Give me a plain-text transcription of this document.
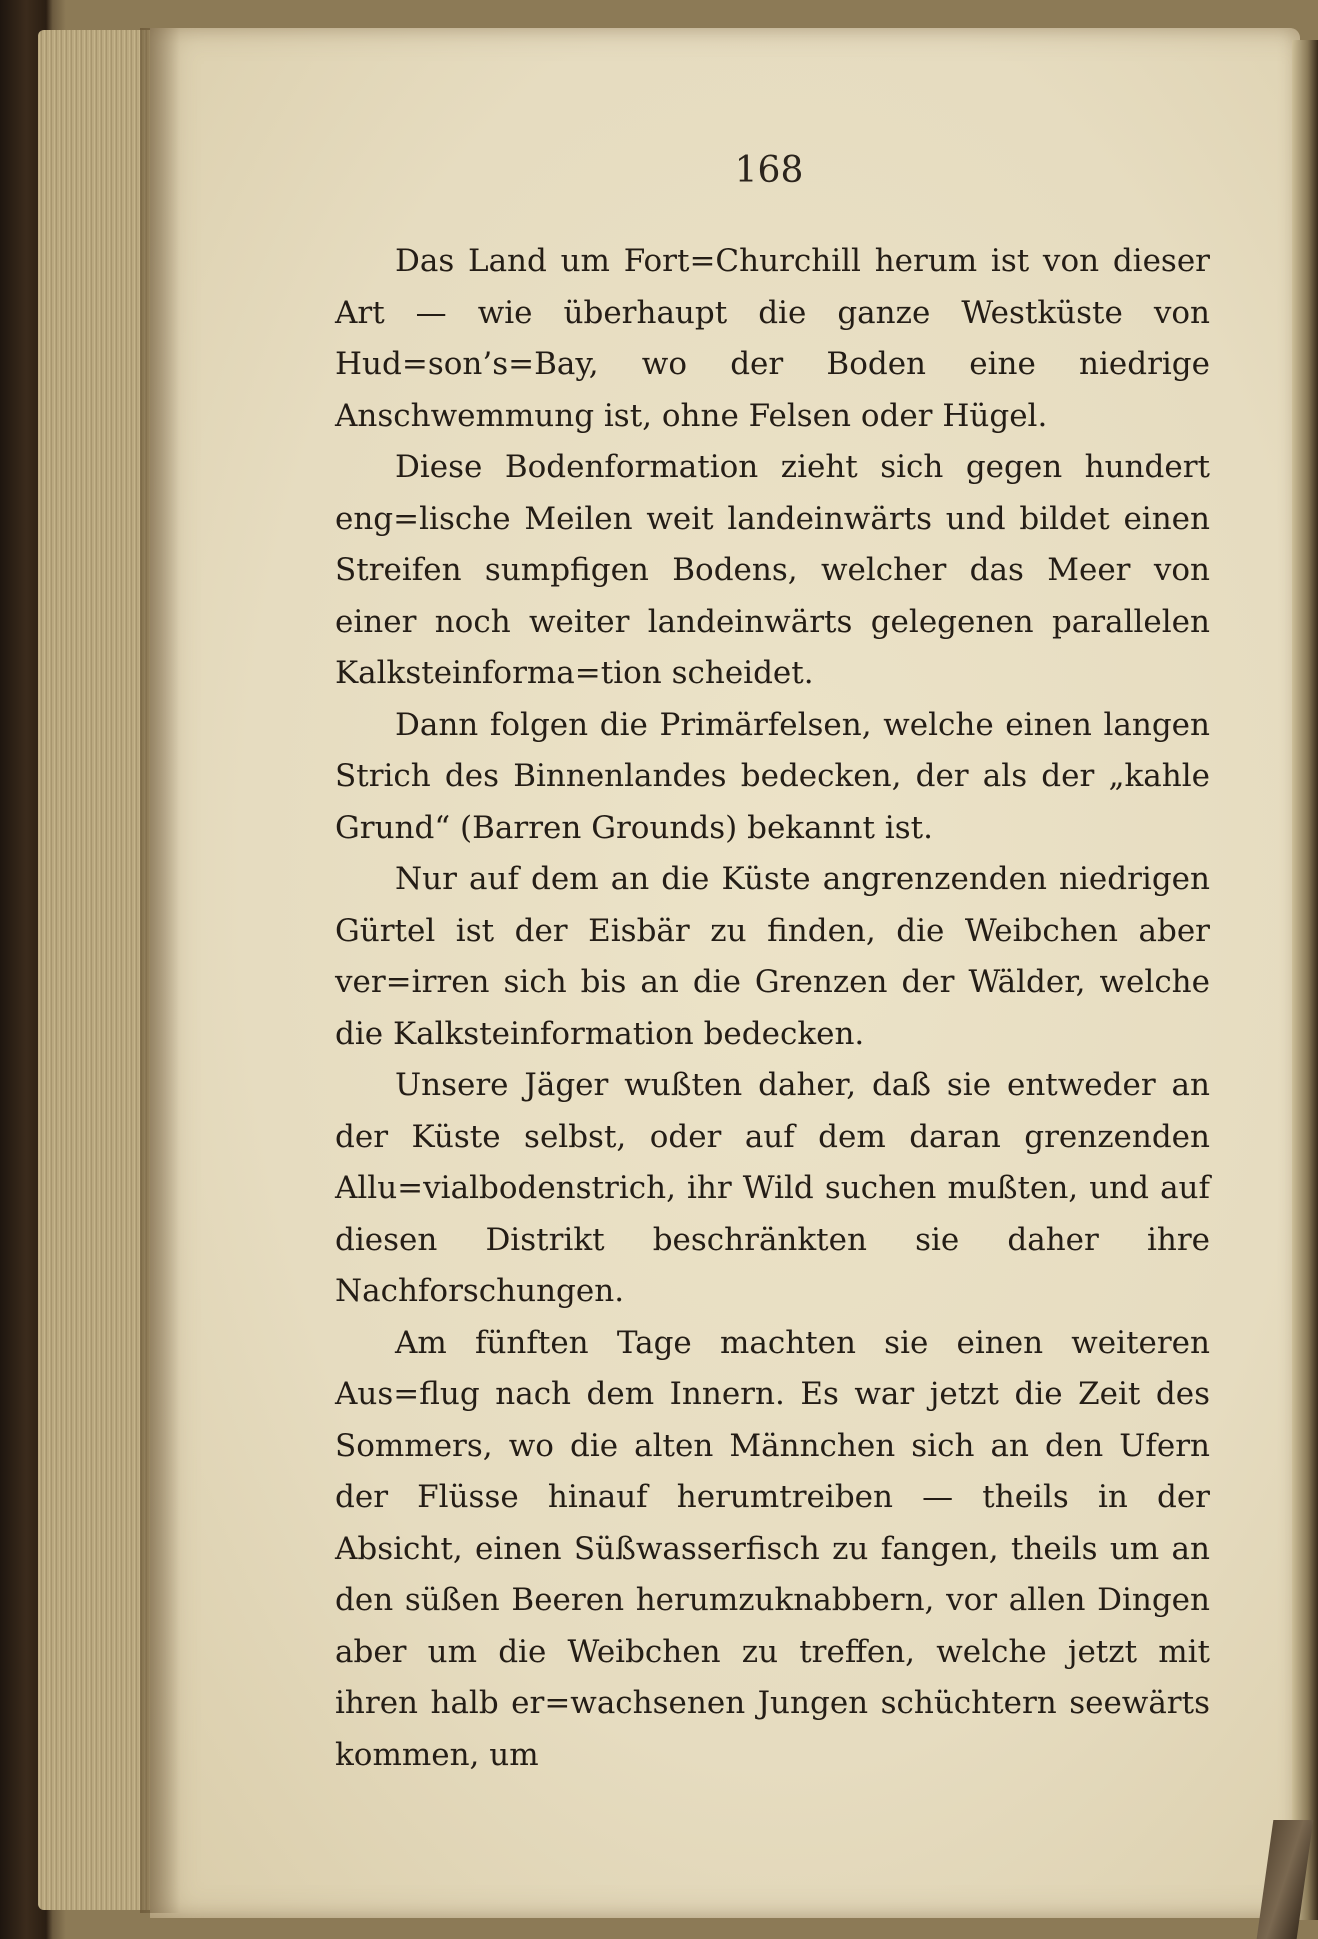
168

Das Land um Fort=Churchill herum ist von dieser Art — wie überhaupt die ganze Westküste von Hud=son’s=Bay, wo der Boden eine niedrige Anschwemmung ist, ohne Felsen oder Hügel.

Diese Bodenformation zieht sich gegen hundert eng=lische Meilen weit landeinwärts und bildet einen Streifen sumpfigen Bodens, welcher das Meer von einer noch weiter landeinwärts gelegenen parallelen Kalksteinforma=tion scheidet.

Dann folgen die Primärfelsen, welche einen langen Strich des Binnenlandes bedecken, der als der „kahle Grund“ (Barren Grounds) bekannt ist.

Nur auf dem an die Küste angrenzenden niedrigen Gürtel ist der Eisbär zu finden, die Weibchen aber ver=irren sich bis an die Grenzen der Wälder, welche die Kalksteinformation bedecken.

Unsere Jäger wußten daher, daß sie entweder an der Küste selbst, oder auf dem daran grenzenden Allu=vialbodenstrich, ihr Wild suchen mußten, und auf diesen Distrikt beschränkten sie daher ihre Nachforschungen.

Am fünften Tage machten sie einen weiteren Aus=flug nach dem Innern. Es war jetzt die Zeit des Sommers, wo die alten Männchen sich an den Ufern der Flüsse hinauf herumtreiben — theils in der Absicht, einen Süßwasserfisch zu fangen, theils um an den süßen Beeren herumzuknabbern, vor allen Dingen aber um die Weibchen zu treffen, welche jetzt mit ihren halb er=wachsenen Jungen schüchtern seewärts kommen, um
